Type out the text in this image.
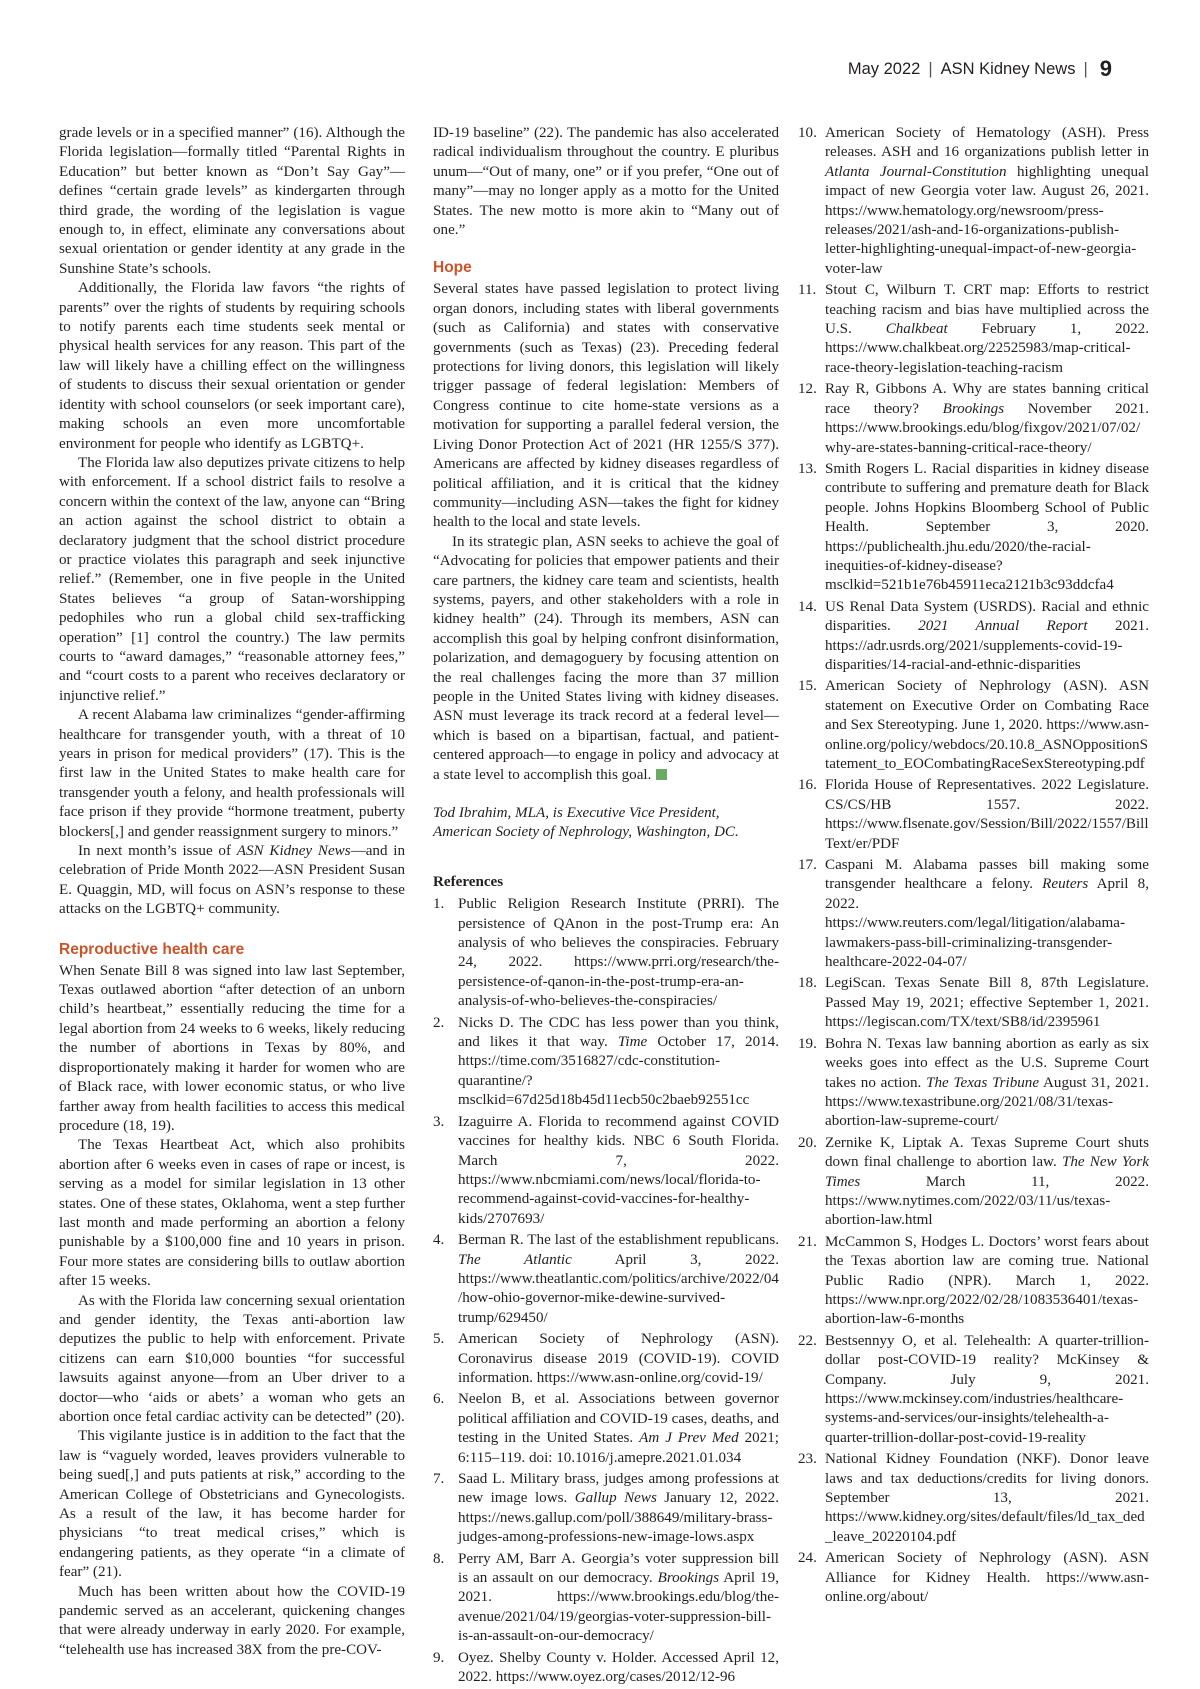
May 2022 | ASN Kidney News | 9

grade levels or in a specified manner” (16). Although the Florida legislation—formally titled “Parental Rights in Education” but better known as “Don’t Say Gay”—defines “certain grade levels” as kindergarten through third grade, the wording of the legislation is vague enough to, in effect, eliminate any conversations about sexual orientation or gender identity at any grade in the Sunshine State’s schools.

Additionally, the Florida law favors “the rights of parents” over the rights of students by requiring schools to notify parents each time students seek mental or physical health services for any reason. This part of the law will likely have a chilling effect on the willingness of students to discuss their sexual orientation or gender identity with school counselors (or seek important care), making schools an even more uncomfortable environment for people who identify as LGBTQ+.

The Florida law also deputizes private citizens to help with enforcement. If a school district fails to resolve a concern within the context of the law, anyone can “Bring an action against the school district to obtain a declaratory judgment that the school district procedure or practice violates this paragraph and seek injunctive relief.” (Remember, one in five people in the United States believes “a group of Satan-worshipping pedophiles who run a global child sex-trafficking operation” [1] control the country.) The law permits courts to “award damages,” “reasonable attorney fees,” and “court costs to a parent who receives declaratory or injunctive relief.”

A recent Alabama law criminalizes “gender-affirming healthcare for transgender youth, with a threat of 10 years in prison for medical providers” (17). This is the first law in the United States to make health care for transgender youth a felony, and health professionals will face prison if they provide “hormone treatment, puberty blockers[,] and gender reassignment surgery to minors.”

In next month’s issue of ASN Kidney News—and in celebration of Pride Month 2022—ASN President Susan E. Quaggin, MD, will focus on ASN’s response to these attacks on the LGBTQ+ community.

Reproductive health care

When Senate Bill 8 was signed into law last September, Texas outlawed abortion “after detection of an unborn child’s heartbeat,” essentially reducing the time for a legal abortion from 24 weeks to 6 weeks, likely reducing the number of abortions in Texas by 80%, and disproportionately making it harder for women who are of Black race, with lower economic status, or who live farther away from health facilities to access this medical procedure (18, 19).

The Texas Heartbeat Act, which also prohibits abortion after 6 weeks even in cases of rape or incest, is serving as a model for similar legislation in 13 other states. One of these states, Oklahoma, went a step further last month and made performing an abortion a felony punishable by a $100,000 fine and 10 years in prison. Four more states are considering bills to outlaw abortion after 15 weeks.

As with the Florida law concerning sexual orientation and gender identity, the Texas anti-abortion law deputizes the public to help with enforcement. Private citizens can earn $10,000 bounties “for successful lawsuits against anyone—from an Uber driver to a doctor—who ‘aids or abets’ a woman who gets an abortion once fetal cardiac activity can be detected” (20).

This vigilante justice is in addition to the fact that the law is “vaguely worded, leaves providers vulnerable to being sued[,] and puts patients at risk,” according to the American College of Obstetricians and Gynecologists. As a result of the law, it has become harder for physicians “to treat medical crises,” which is endangering patients, as they operate “in a climate of fear” (21).

Much has been written about how the COVID-19 pandemic served as an accelerant, quickening changes that were already underway in early 2020. For example, “telehealth use has increased 38X from the pre-COV-

ID-19 baseline” (22). The pandemic has also accelerated radical individualism throughout the country. E pluribus unum—“Out of many, one” or if you prefer, “One out of many”—may no longer apply as a motto for the United States. The new motto is more akin to “Many out of one.”

Hope

Several states have passed legislation to protect living organ donors, including states with liberal governments (such as California) and states with conservative governments (such as Texas) (23). Preceding federal protections for living donors, this legislation will likely trigger passage of federal legislation: Members of Congress continue to cite home-state versions as a motivation for supporting a parallel federal version, the Living Donor Protection Act of 2021 (HR 1255/S 377). Americans are affected by kidney diseases regardless of political affiliation, and it is critical that the kidney community—including ASN—takes the fight for kidney health to the local and state levels.

In its strategic plan, ASN seeks to achieve the goal of “Advocating for policies that empower patients and their care partners, the kidney care team and scientists, health systems, payers, and other stakeholders with a role in kidney health” (24). Through its members, ASN can accomplish this goal by helping confront disinformation, polarization, and demagoguery by focusing attention on the real challenges facing the more than 37 million people in the United States living with kidney diseases. ASN must leverage its track record at a federal level—which is based on a bipartisan, factual, and patient-centered approach—to engage in policy and advocacy at a state level to accomplish this goal.

Tod Ibrahim, MLA, is Executive Vice President, American Society of Nephrology, Washington, DC.

References

1. Public Religion Research Institute (PRRI). The persistence of QAnon in the post-Trump era: An analysis of who believes the conspiracies. February 24, 2022. https://www.prri.org/research/the-persistence-of-qanon-in-the-post-trump-era-an-analysis-of-who-believes-the-conspiracies/
2. Nicks D. The CDC has less power than you think, and likes it that way. Time October 17, 2014. https://time.com/3516827/cdc-constitution-quarantine/?msclkid=67d25d18b45d11ecb50c2baeb92551cc
3. Izaguirre A. Florida to recommend against COVID vaccines for healthy kids. NBC 6 South Florida. March 7, 2022. https://www.nbcmiami.com/news/local/florida-to-recommend-against-covid-vaccines-for-healthy-kids/2707693/
4. Berman R. The last of the establishment republicans. The Atlantic April 3, 2022. https://www.theatlantic.com/politics/archive/2022/04/how-ohio-governor-mike-dewine-survived-trump/629450/
5. American Society of Nephrology (ASN). Coronavirus disease 2019 (COVID-19). COVID information. https://www.asn-online.org/covid-19/
6. Neelon B, et al. Associations between governor political affiliation and COVID-19 cases, deaths, and testing in the United States. Am J Prev Med 2021; 6:115–119. doi: 10.1016/j.amepre.2021.01.034
7. Saad L. Military brass, judges among professions at new image lows. Gallup News January 12, 2022. https://news.gallup.com/poll/388649/military-brass-judges-among-professions-new-image-lows.aspx
8. Perry AM, Barr A. Georgia’s voter suppression bill is an assault on our democracy. Brookings April 19, 2021. https://www.brookings.edu/blog/the-avenue/2021/04/19/georgias-voter-suppression-bill-is-an-assault-on-our-democracy/
9. Oyez. Shelby County v. Holder. Accessed April 12, 2022. https://www.oyez.org/cases/2012/12-96
10. American Society of Hematology (ASH). Press releases. ASH and 16 organizations publish letter in Atlanta Journal-Constitution highlighting unequal impact of new Georgia voter law. August 26, 2021. https://www.hematology.org/newsroom/press-releases/2021/ash-and-16-organizations-publish-letter-highlighting-unequal-impact-of-new-georgia-voter-law
11. Stout C, Wilburn T. CRT map: Efforts to restrict teaching racism and bias have multiplied across the U.S. Chalkbeat February 1, 2022. https://www.chalkbeat.org/22525983/map-critical-race-theory-legislation-teaching-racism
12. Ray R, Gibbons A. Why are states banning critical race theory? Brookings November 2021. https://www.brookings.edu/blog/fixgov/2021/07/02/why-are-states-banning-critical-race-theory/
13. Smith Rogers L. Racial disparities in kidney disease contribute to suffering and premature death for Black people. Johns Hopkins Bloomberg School of Public Health. September 3, 2020. https://publichealth.jhu.edu/2020/the-racial-inequities-of-kidney-disease?msclkid=521b1e76b45911eca2121b3c93ddcfa4
14. US Renal Data System (USRDS). Racial and ethnic disparities. 2021 Annual Report 2021. https://adr.usrds.org/2021/supplements-covid-19-disparities/14-racial-and-ethnic-disparities
15. American Society of Nephrology (ASN). ASN statement on Executive Order on Combating Race and Sex Stereotyping. June 1, 2020. https://www.asn-online.org/policy/webdocs/20.10.8_ASNOppositionStatement_to_EOCombatingRaceSexStereotyping.pdf
16. Florida House of Representatives. 2022 Legislature. CS/CS/HB 1557. 2022. https://www.flsenate.gov/Session/Bill/2022/1557/BillText/er/PDF
17. Caspani M. Alabama passes bill making some transgender healthcare a felony. Reuters April 8, 2022. https://www.reuters.com/legal/litigation/alabama-lawmakers-pass-bill-criminalizing-transgender-healthcare-2022-04-07/
18. LegiScan. Texas Senate Bill 8, 87th Legislature. Passed May 19, 2021; effective September 1, 2021. https://legiscan.com/TX/text/SB8/id/2395961
19. Bohra N. Texas law banning abortion as early as six weeks goes into effect as the U.S. Supreme Court takes no action. The Texas Tribune August 31, 2021. https://www.texastribune.org/2021/08/31/texas-abortion-law-supreme-court/
20. Zernike K, Liptak A. Texas Supreme Court shuts down final challenge to abortion law. The New York Times March 11, 2022. https://www.nytimes.com/2022/03/11/us/texas-abortion-law.html
21. McCammon S, Hodges L. Doctors’ worst fears about the Texas abortion law are coming true. National Public Radio (NPR). March 1, 2022. https://www.npr.org/2022/02/28/1083536401/texas-abortion-law-6-months
22. Bestsennyy O, et al. Telehealth: A quarter-trillion-dollar post-COVID-19 reality? McKinsey & Company. July 9, 2021. https://www.mckinsey.com/industries/healthcare-systems-and-services/our-insights/telehealth-a-quarter-trillion-dollar-post-covid-19-reality
23. National Kidney Foundation (NKF). Donor leave laws and tax deductions/credits for living donors. September 13, 2021. https://www.kidney.org/sites/default/files/ld_tax_ded_leave_20220104.pdf
24. American Society of Nephrology (ASN). ASN Alliance for Kidney Health. https://www.asn-online.org/about/
